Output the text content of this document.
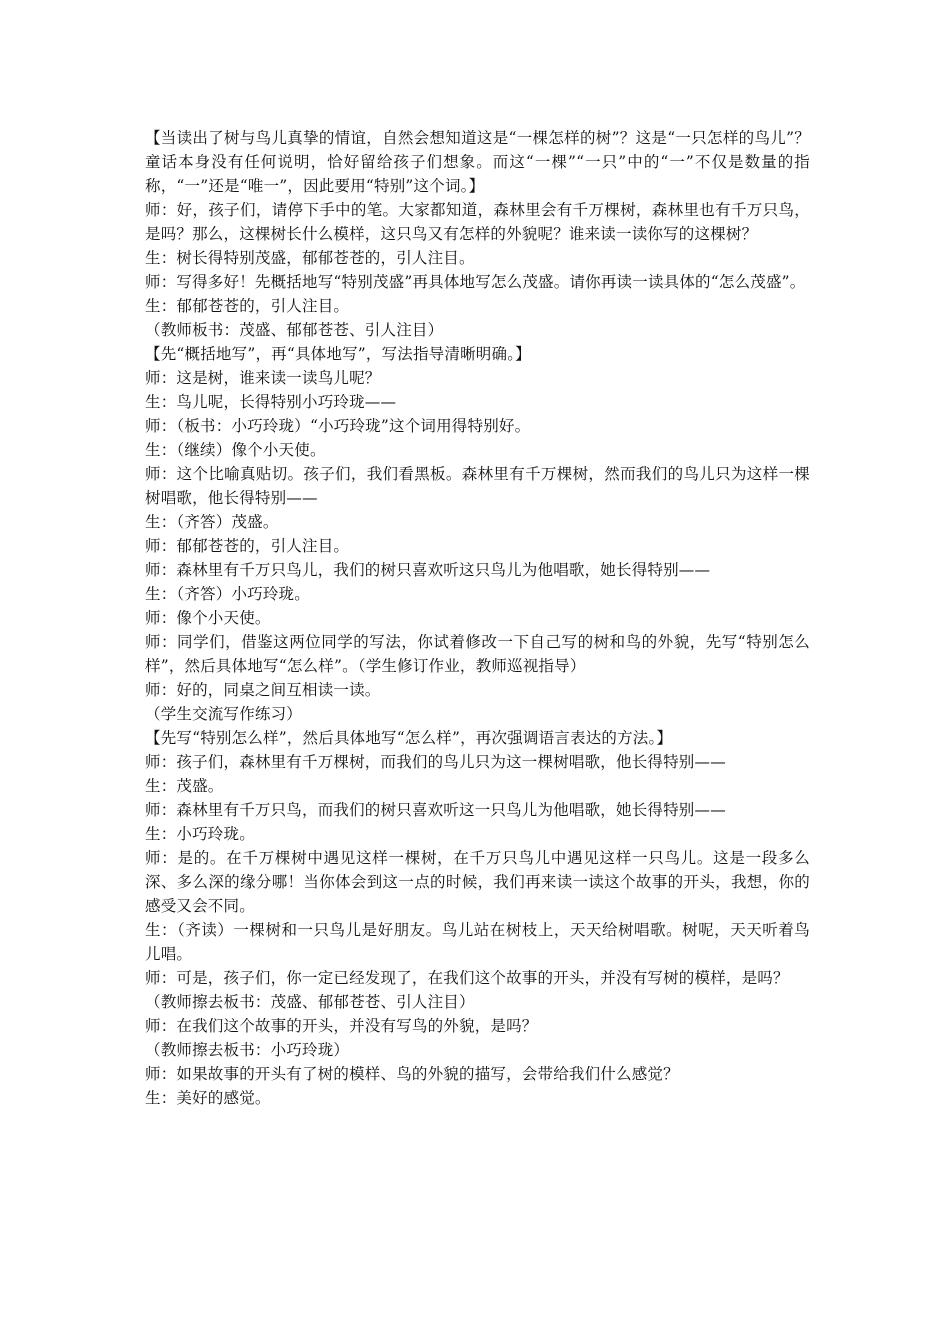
【当读出了树与鸟儿真挚的情谊，自然会想知道这是“一棵怎样的树”？这是“一只怎样的鸟儿”？童话本身没有任何说明，恰好留给孩子们想象。而这“一棵”“一只”中的“一”不仅是数量的指称，“一”还是“唯一”，因此要用“特别”这个词。】

师：好，孩子们，请停下手中的笔。大家都知道，森林里会有千万棵树，森林里也有千万只鸟，是吗？那么，这棵树长什么模样，这只鸟又有怎样的外貌呢？谁来读一读你写的这棵树？

生：树长得特别茂盛，郁郁苍苍的，引人注目。

师：写得多好！先概括地写“特别茂盛”再具体地写怎么茂盛。请你再读一读具体的“怎么茂盛”。

生：郁郁苍苍的，引人注目。

（教师板书：茂盛、郁郁苍苍、引人注目）

【先“概括地写”，再“具体地写”，写法指导清晰明确。】

师：这是树，谁来读一读鸟儿呢？

生：鸟儿呢，长得特别小巧玲珑——

师：（板书：小巧玲珑）“小巧玲珑”这个词用得特别好。

生：（继续）像个小天使。

师：这个比喻真贴切。孩子们，我们看黑板。森林里有千万棵树，然而我们的鸟儿只为这样一棵树唱歌，他长得特别——

生：（齐答）茂盛。

师：郁郁苍苍的，引人注目。

师：森林里有千万只鸟儿，我们的树只喜欢听这只鸟儿为他唱歌，她长得特别——

生：（齐答）小巧玲珑。

师：像个小天使。

师：同学们，借鉴这两位同学的写法，你试着修改一下自己写的树和鸟的外貌，先写“特别怎么样”，然后具体地写“怎么样”。（学生修订作业，教师巡视指导）

师：好的，同桌之间互相读一读。

（学生交流写作练习）

【先写“特别怎么样”，然后具体地写“怎么样”，再次强调语言表达的方法。】

师：孩子们，森林里有千万棵树，而我们的鸟儿只为这一棵树唱歌，他长得特别——

生：茂盛。

师：森林里有千万只鸟，而我们的树只喜欢听这一只鸟儿为他唱歌，她长得特别——

生：小巧玲珑。

师：是的。在千万棵树中遇见这样一棵树，在千万只鸟儿中遇见这样一只鸟儿。这是一段多么深、多么深的缘分哪！当你体会到这一点的时候，我们再来读一读这个故事的开头，我想，你的感受又会不同。

生：（齐读）一棵树和一只鸟儿是好朋友。鸟儿站在树枝上，天天给树唱歌。树呢，天天听着鸟儿唱。

师：可是，孩子们，你一定已经发现了，在我们这个故事的开头，并没有写树的模样，是吗？

（教师擦去板书：茂盛、郁郁苍苍、引人注目）

师：在我们这个故事的开头，并没有写鸟的外貌，是吗？

（教师擦去板书：小巧玲珑）

师：如果故事的开头有了树的模样、鸟的外貌的描写，会带给我们什么感觉？

生：美好的感觉。
